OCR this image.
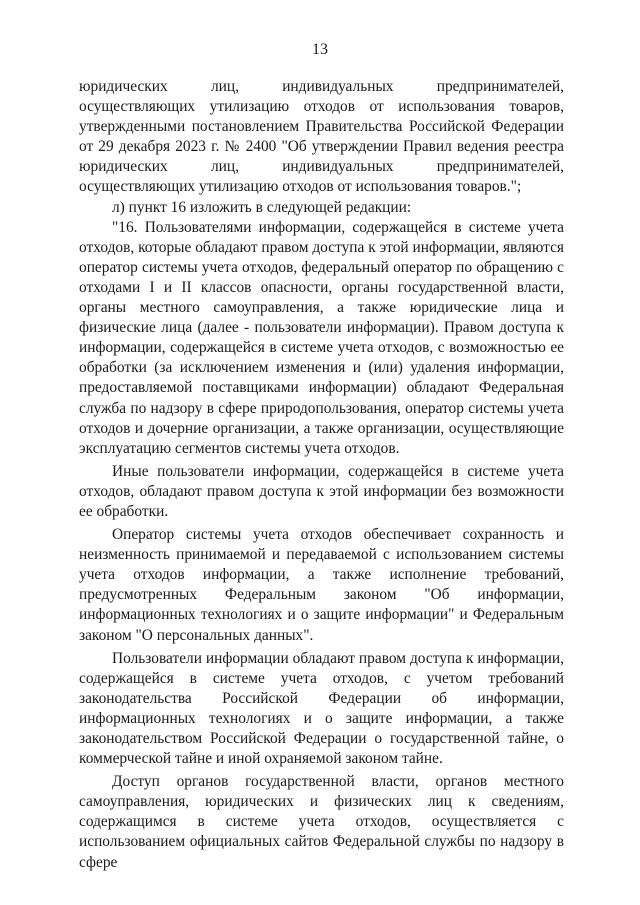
13

юридических лиц, индивидуальных предпринимателей, осуществляющих утилизацию отходов от использования товаров, утвержденными постановлением Правительства Российской Федерации от 29 декабря 2023 г. № 2400 "Об утверждении Правил ведения реестра юридических лиц, индивидуальных предпринимателей, осуществляющих утилизацию отходов от использования товаров.";

л) пункт 16 изложить в следующей редакции:

"16. Пользователями информации, содержащейся в системе учета отходов, которые обладают правом доступа к этой информации, являются оператор системы учета отходов, федеральный оператор по обращению с отходами I и II классов опасности, органы государственной власти, органы местного самоуправления, а также юридические лица и физические лица (далее - пользователи информации). Правом доступа к информации, содержащейся в системе учета отходов, с возможностью ее обработки (за исключением изменения и (или) удаления информации, предоставляемой поставщиками информации) обладают Федеральная служба по надзору в сфере природопользования, оператор системы учета отходов и дочерние организации, а также организации, осуществляющие эксплуатацию сегментов системы учета отходов.

Иные пользователи информации, содержащейся в системе учета отходов, обладают правом доступа к этой информации без возможности ее обработки.

Оператор системы учета отходов обеспечивает сохранность и неизменность принимаемой и передаваемой с использованием системы учета отходов информации, а также исполнение требований, предусмотренных Федеральным законом "Об информации, информационных технологиях и о защите информации" и Федеральным законом "О персональных данных".

Пользователи информации обладают правом доступа к информации, содержащейся в системе учета отходов, с учетом требований законодательства Российской Федерации об информации, информационных технологиях и о защите информации, а также законодательством Российской Федерации о государственной тайне, о коммерческой тайне и иной охраняемой законом тайне.

Доступ органов государственной власти, органов местного самоуправления, юридических и физических лиц к сведениям, содержащимся в системе учета отходов, осуществляется с использованием официальных сайтов Федеральной службы по надзору в сфере
